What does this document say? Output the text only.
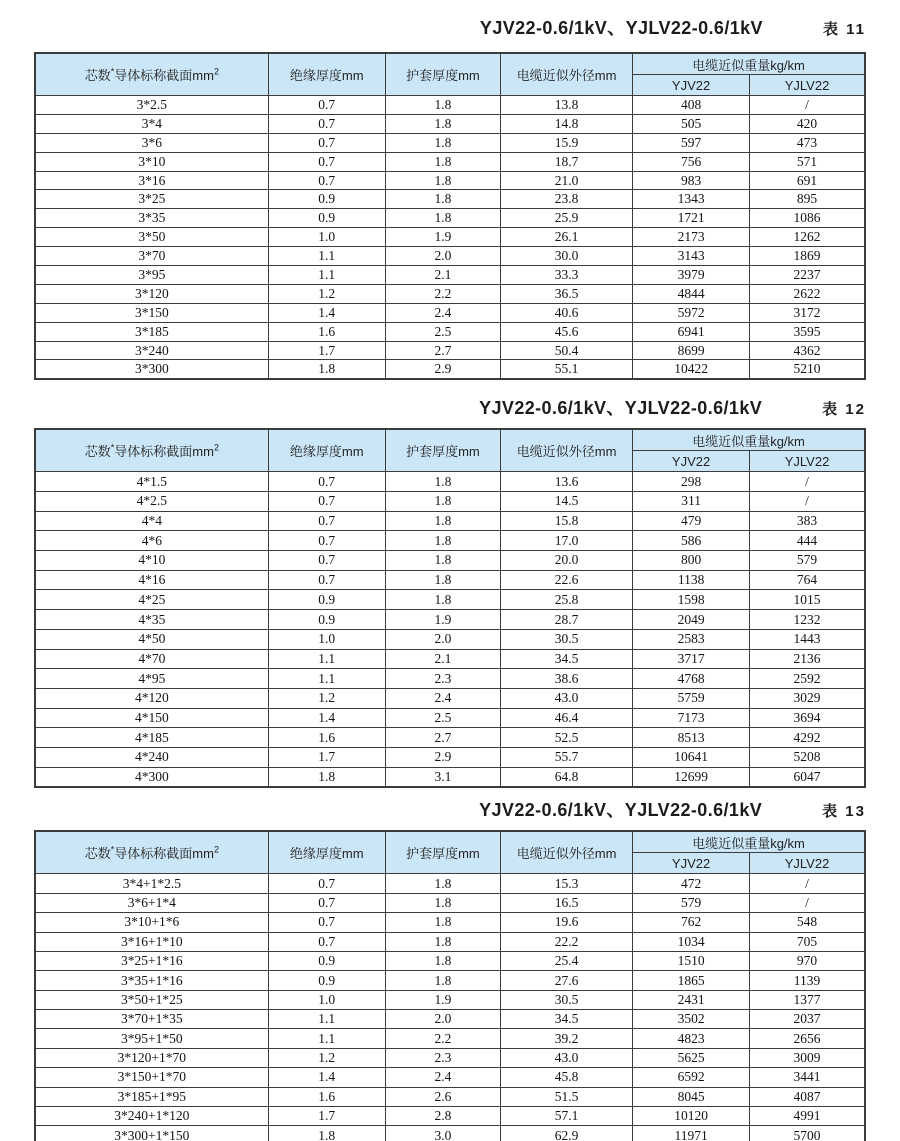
YJV22-0.6/1kV、YJLV22-0.6/1kV	表 11
芯数*导体标称截面$mm^2$	绝缘厚度mm	护套厚度mm	电缆近似外径mm	电缆近似重量kg/km	
				YJV22	YJLV22
3*2.5	0.7	1.8	13.8	408	/
3*4	0.7	1.8	14.8	505	420
3*6	0.7	1.8	15.9	597	473
3*10	0.7	1.8	18.7	756	571
3*16	0.7	1.8	21.0	983	691
3*25	0.9	1.8	23.8	1343	895
3*35	0.9	1.8	25.9	1721	1086
3*50	1.0	1.9	26.1	2173	1262
3*70	1.1	2.0	30.0	3143	1869
3*95	1.1	2.1	33.3	3979	2237
3*120	1.2	2.2	36.5	4844	2622
3*150	1.4	2.4	40.6	5972	3172
3*185	1.6	2.5	45.6	6941	3595
3*240	1.7	2.7	50.4	8699	4362
3*300	1.8	2.9	55.1	10422	5210
YJV22-0.6/1kV、YJLV22-0.6/1kV	表 12
芯数*导体标称截面$mm^2$	绝缘厚度mm	护套厚度mm	电缆近似外径mm	电缆近似重量kg/km	
				YJV22	YJLV22
4*1.5	0.7	1.8	13.6	298	/
4*2.5	0.7	1.8	14.5	311	/
4*4	0.7	1.8	15.8	479	383
4*6	0.7	1.8	17.0	586	444
4*10	0.7	1.8	20.0	800	579
4*16	0.7	1.8	22.6	1138	764
4*25	0.9	1.8	25.8	1598	1015
4*35	0.9	1.9	28.7	2049	1232
4*50	1.0	2.0	30.5	2583	1443
4*70	1.1	2.1	34.5	3717	2136
4*95	1.1	2.3	38.6	4768	2592
4*120	1.2	2.4	43.0	5759	3029
4*150	1.4	2.5	46.4	7173	3694
4*185	1.6	2.7	52.5	8513	4292
4*240	1.7	2.9	55.7	10641	5208
4*300	1.8	3.1	64.8	12699	6047
YJV22-0.6/1kV、YJLV22-0.6/1kV	表 13
芯数*导体标称截面$mm^2$	绝缘厚度mm	护套厚度mm	电缆近似外径mm	电缆近似重量kg/km	
				YJV22	YJLV22
3*4+1*2.5	0.7	1.8	15.3	472	/
3*6+1*4	0.7	1.8	16.5	579	/
3*10+1*6	0.7	1.8	19.6	762	548
3*16+1*10	0.7	1.8	22.2	1034	705
3*25+1*16	0.9	1.8	25.4	1510	970
3*35+1*16	0.9	1.8	27.6	1865	1139
3*50+1*25	1.0	1.9	30.5	2431	1377
3*70+1*35	1.1	2.0	34.5	3502	2037
3*95+1*50	1.1	2.2	39.2	4823	2656
3*120+1*70	1.2	2.3	43.0	5625	3009
3*150+1*70	1.4	2.4	45.8	6592	3441
3*185+1*95	1.6	2.6	51.5	8045	4087
3*240+1*120	1.7	2.8	57.1	10120	4991
3*300+1*150	1.8	3.0	62.9	11971	5700
